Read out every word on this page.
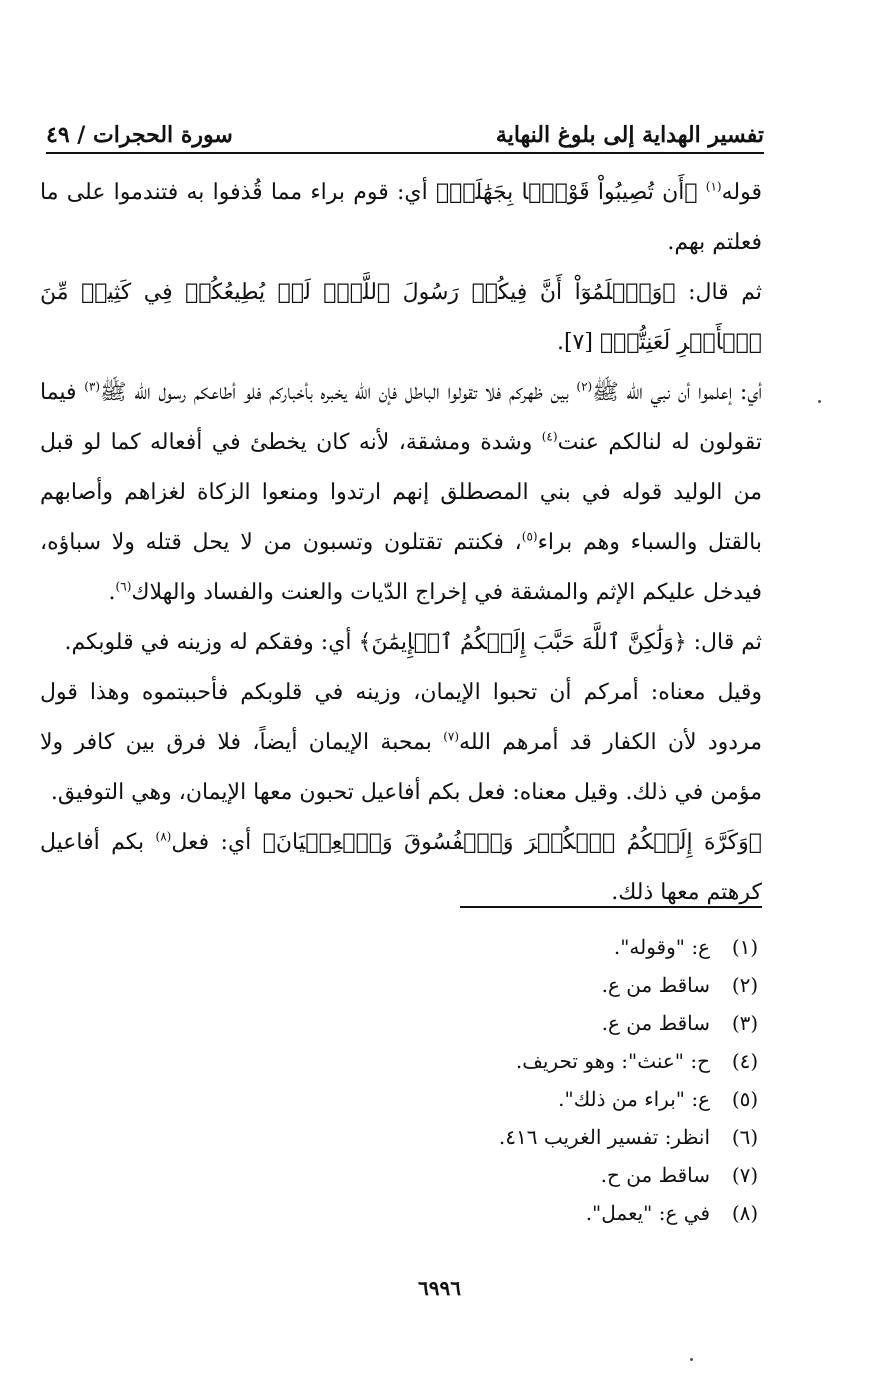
تفسير الهداية إلى بلوغ النهاية
سورة الحجرات / ٤٩

قوله$^{(١)}$ ﴿أَن تُصِيبُواْ قَوْمَۢا بِجَهَٰلَةٖ﴾ أي: قوم براء مما قُذفوا به فتندموا على ما فعلتم بهم.

ثم قال: ﴿وَٱعۡلَمُوٓاْ أَنَّ فِيكُمۡ رَسُولَ ٱللَّهِۚ لَوۡ يُطِيعُكُمۡ فِي كَثِيرٖ مِّنَ ٱلۡأَمۡرِ لَعَنِتُّمۡ﴾ [٧].

أي: إعلموا أن نبي الله ﷺ$^{(٢)}$ بين ظهركم فلا تقولوا الباطل فإن الله يخبره بأخباركم فلو أطاعكم رسول الله ﷺ$^{(٣)}$ فيما تقولون له لنالكم عنت$^{(٤)}$ وشدة ومشقة، لأنه كان يخطئ في أفعاله كما لو قبل من الوليد قوله في بني المصطلق إنهم ارتدوا ومنعوا الزكاة لغزاهم وأصابهم بالقتل والسباء وهم براء$^{(٥)}$، فكنتم تقتلون وتسبون من لا يحل قتله ولا سباؤه، فيدخل عليكم الإثم والمشقة في إخراج الدّيات والعنت والفساد والهلاك$^{(٦)}$.

ثم قال: ﴿وَلَٰكِنَّ ٱللَّهَ حَبَّبَ إِلَيۡكُمُ ٱلۡإِيمَٰنَ﴾ أي: وفقكم له وزينه في قلوبكم.

وقيل معناه: أمركم أن تحبوا الإيمان، وزينه في قلوبكم فأحببتموه وهذا قول مردود لأن الكفار قد أمرهم الله$^{(٧)}$ بمحبة الإيمان أيضاً، فلا فرق بين كافر ولا مؤمن في ذلك. وقيل معناه: فعل بكم أفاعيل تحبون معها الإيمان، وهي التوفيق.

﴿وَكَرَّهَ إِلَيۡكُمُ ٱلۡكُفۡرَ وَٱلۡفُسُوقَ وَٱلۡعِصۡيَانَ﴾ أي: فعل$^{(٨)}$ بكم أفاعيل كرهتم معها ذلك.

(١)
ع: "وقوله".
(٢)
ساقط من ع.
(٣)
ساقط من ع.
(٤)
ح: "عنث": وهو تحريف.
(٥)
ع: "براء من ذلك".
(٦)
انظر: تفسير الغريب ٤١٦.
(٧)
ساقط من ح.
(٨)
في ع: "يعمل".
٦٩٩٦
